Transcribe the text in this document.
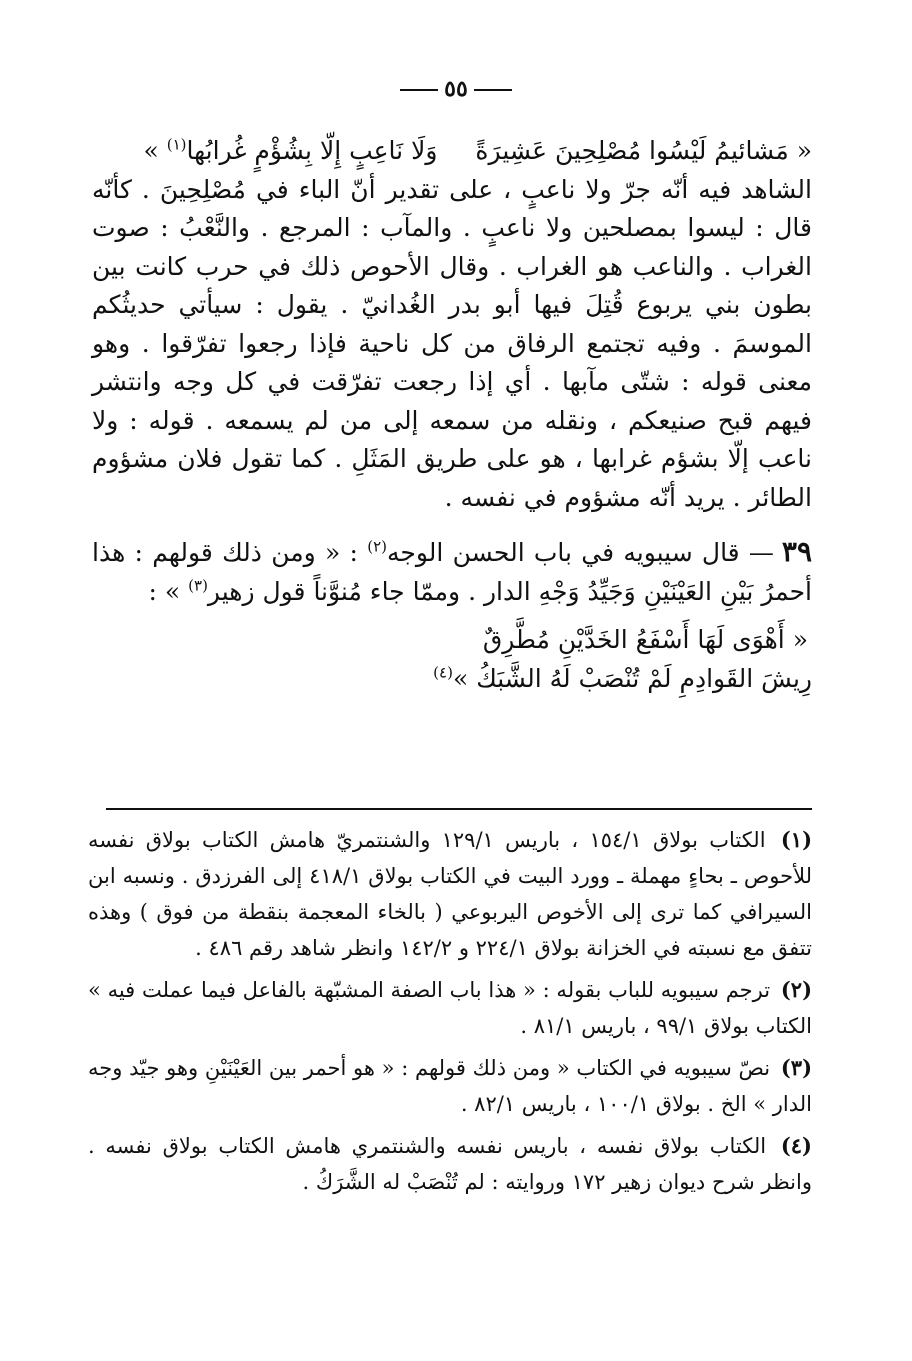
٥٥

« مَشائيمُ لَيْسُوا مُصْلِحِينَ عَشِيرَةًوَلَا نَاعِبٍ إِلّا بِشُؤْمٍ غُرابُها$^{(١)}$ »

الشاهد فيه أنّه جرّ ولا ناعبٍ ، على تقدير أنّ الباء في مُصْلِحِينَ . كأنّه قال : ليسوا بمصلحين ولا ناعبٍ . والمآب : المرجع . والنَّعْبُ : صوت الغراب . والناعب هو الغراب . وقال الأحوص ذلك في حرب كانت بين بطون بني يربوع قُتِلَ فيها أبو بدر الغُدانيّ . يقول : سيأتي حديثُكم الموسمَ . وفيه تجتمع الرفاق من كل ناحية فإذا رجعوا تفرّقوا . وهو معنى قوله : شتّى مآبها . أي إذا رجعت تفرّقت في كل وجه وانتشر فيهم قبح صنيعكم ، ونقله من سمعه إلى من لم يسمعه . قوله : ولا ناعب إلّا بشؤم غرابها ، هو على طريق المَثَلِ . كما تقول فلان مشؤوم الطائر . يريد أنّه مشؤوم في نفسه .

٣٩— قال سيبويه في باب الحسن الوجه$^{(٢)}$ : « ومن ذلك قولهم : هذا أحمرُ بَيْنِ العَيْنَيْنِ وَجَيِّدُ وَجْهِ الدار . وممّا جاء مُنوَّناً قول زهير$^{(٣)}$ » :

« أَهْوَى لَهَا أَسْفَعُ الخَدَّيْنِ مُطَّرِقٌ

رِيشَ القَوادِمِ لَمْ تُنْصَبْ لَهُ الشَّبَكُ »$^{(٤)}$

(١) الكتاب بولاق ١٥٤/١ ، باريس ١٢٩/١ والشنتمريّ هامش الكتاب بولاق نفسه للأحوص ـ بحاءٍ مهملة ـ وورد البيت في الكتاب بولاق ٤١٨/١ إلى الفرزدق . ونسبه ابن السيرافي كما ترى إلى الأخوص اليربوعي ( بالخاء المعجمة بنقطة من فوق ) وهذه تتفق مع نسبته في الخزانة بولاق ٢٢٤/١ و ١٤٢/٢ وانظر شاهد رقم ٤٨٦ .

(٢) ترجم سيبويه للباب بقوله : « هذا باب الصفة المشبّهة بالفاعل فيما عملت فيه » الكتاب بولاق ٩٩/١ ، باريس ٨١/١ .

(٣) نصّ سيبويه في الكتاب « ومن ذلك قولهم : « هو أحمر بين العَيْنَيْنِ وهو جيّد وجه الدار » الخ . بولاق ١٠٠/١ ، باريس ٨٢/١ .

(٤) الكتاب بولاق نفسه ، باريس نفسه والشنتمري هامش الكتاب بولاق نفسه . وانظر شرح ديوان زهير ١٧٢ وروايته : لم تُنْصَبْ له الشَّرَكُ .
